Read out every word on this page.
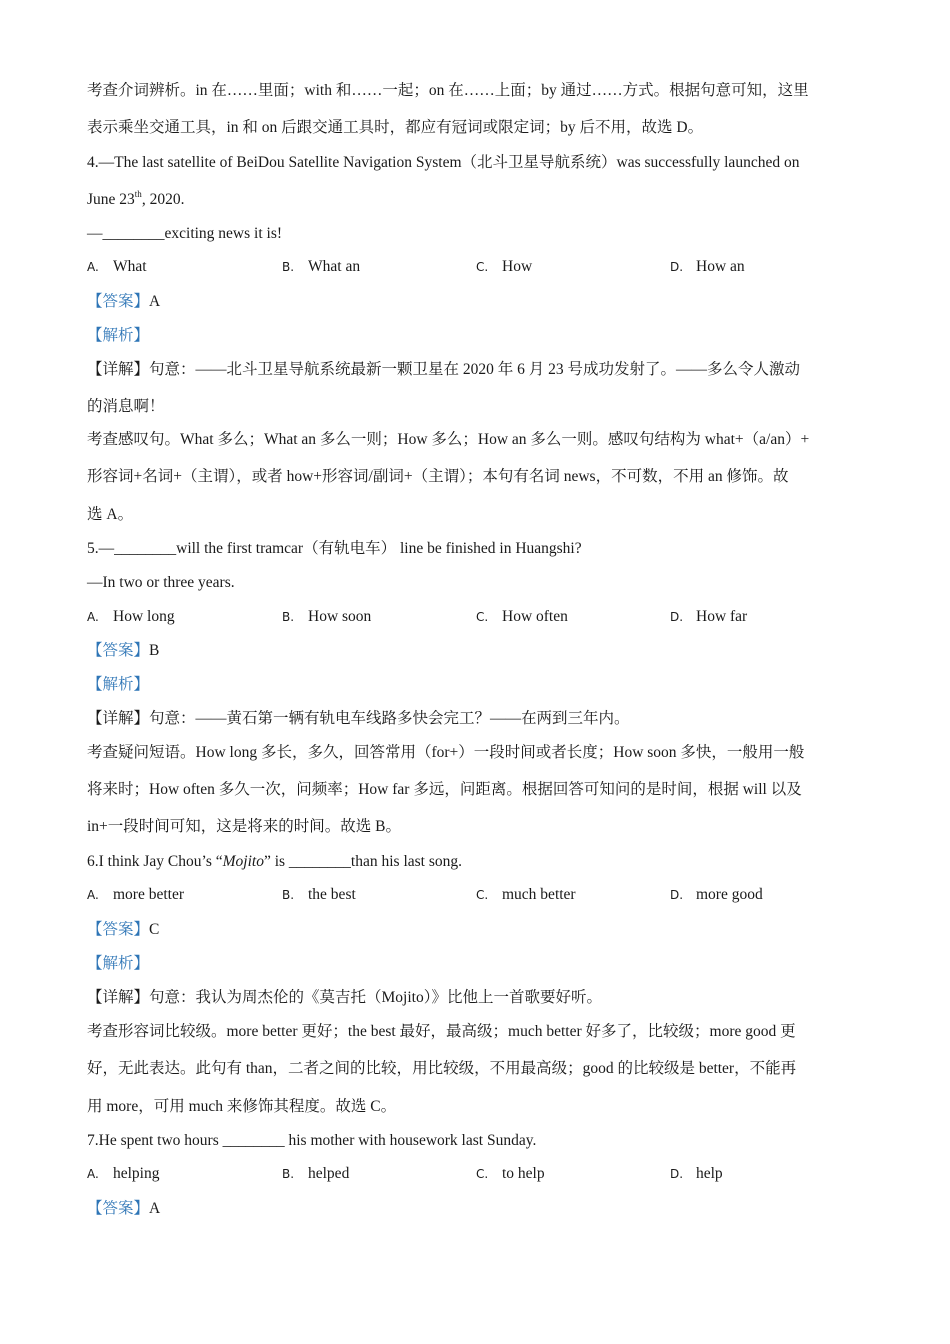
考查介词辨析。in 在……里面；with 和……一起；on 在……上面；by 通过……方式。根据句意可知，这里
表示乘坐交通工具，in 和 on 后跟交通工具时，都应有冠词或限定词；by 后不用，故选 D。
4.—The last satellite of BeiDou Satellite Navigation System（北斗卫星导航系统）was successfully launched on
June 23th, 2020.
—________exciting news it is!
A. What	B. What an	C. How	D. How an
【答案】A
【解析】
【详解】句意：——北斗卫星导航系统最新一颗卫星在 2020 年 6 月 23 号成功发射了。——多么令人激动
的消息啊！
考查感叹句。What 多么；What an 多么一则；How 多么；How an 多么一则。感叹句结构为 what+（a/an）+
形容词+名词+（主谓），或者 how+形容词/副词+（主谓）；本句有名词 news，不可数，不用 an 修饰。故
选 A。
5.—________will the first tramcar（有轨电车） line be finished in Huangshi?
—In two or three years.
A. How long	B. How soon	C. How often	D. How far
【答案】B
【解析】
【详解】句意：——黄石第一辆有轨电车线路多快会完工？——在两到三年内。
考查疑问短语。How long 多长，多久，回答常用（for+）一段时间或者长度；How soon 多快，一般用一般
将来时；How often 多久一次，问频率；How far 多远，问距离。根据回答可知问的是时间，根据 will 以及
in+一段时间可知，这是将来的时间。故选 B。
6.I think Jay Chou’s “Mojito” is ________than his last song.
A. more better	B. the best	C. much better	D. more good
【答案】C
【解析】
【详解】句意：我认为周杰伦的《莫吉托（Mojito）》比他上一首歌要好听。
考查形容词比较级。more better 更好；the best 最好，最高级；much better 好多了，比较级；more good 更
好，无此表达。此句有 than，二者之间的比较，用比较级，不用最高级；good 的比较级是 better，不能再
用 more，可用 much 来修饰其程度。故选 C。
7.He spent two hours ________ his mother with housework last Sunday.
A. helping	B. helped	C. to help	D. help
【答案】A
